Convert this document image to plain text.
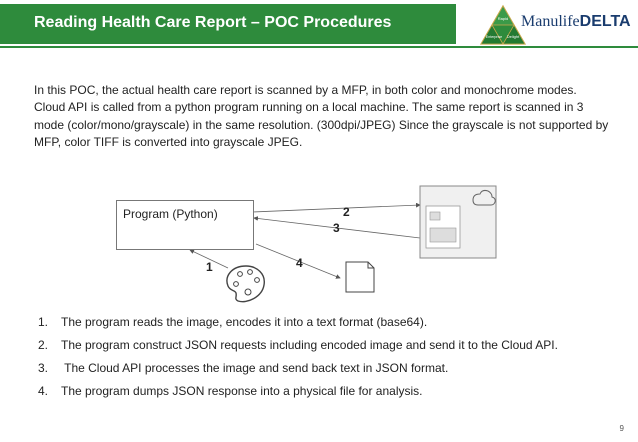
Reading Health Care Report – POC Procedures	Rapid
Enterprise Delight
ManulifeDELTA
In this POC, the actual health care report is scanned by a MFP, in both color and monochrome modes. Cloud API is called from a python program running on a local machine. The same report is scanned in 3 mode (color/mono/grayscale) in the same resolution. (300dpi/JPEG) Since the grayscale is not supported by MFP, color TIFF is converted into grayscale JPEG.
Program (Python)
1
2
3
4
1. The program reads the image, encodes it into a text format (base64).
2. The program construct JSON requests including encoded image and send it to the Cloud API.
3. The Cloud API processes the image and send back text in JSON format.
4. The program dumps JSON response into a physical file for analysis.
9
